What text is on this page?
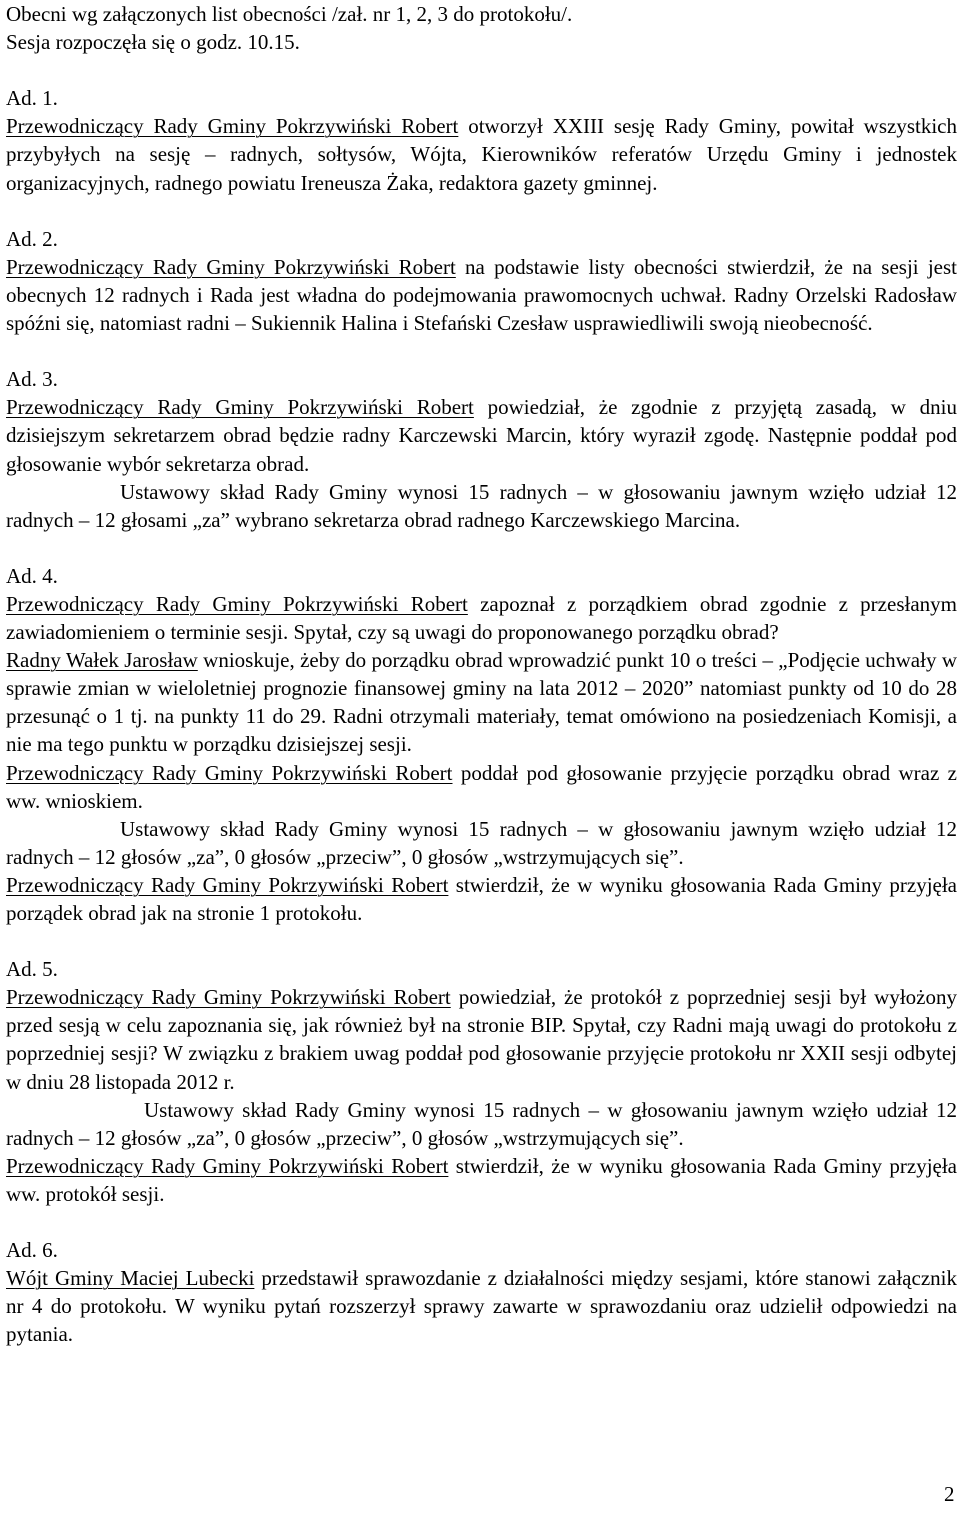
Obecni wg załączonych list obecności /zał. nr 1, 2, 3 do protokołu/.

Sesja rozpoczęła się o godz. 10.15.

Ad. 1.

Przewodniczący Rady Gminy Pokrzywiński Robert otworzył XXIII sesję Rady Gminy, powitał wszystkich przybyłych na sesję – radnych, sołtysów, Wójta, Kierowników referatów Urzędu Gminy i jednostek organizacyjnych, radnego powiatu Ireneusza Żaka, redaktora gazety gminnej.

Ad. 2.

Przewodniczący Rady Gminy Pokrzywiński Robert na podstawie listy obecności stwierdził, że na sesji jest obecnych 12 radnych i Rada jest władna do podejmowania prawomocnych uchwał. Radny Orzelski Radosław spóźni się, natomiast radni – Sukiennik Halina i Stefański Czesław usprawiedliwili swoją nieobecność.

Ad. 3.

Przewodniczący Rady Gminy Pokrzywiński Robert powiedział, że zgodnie z przyjętą zasadą, w dniu dzisiejszym sekretarzem obrad będzie radny Karczewski Marcin, który wyraził zgodę. Następnie poddał pod głosowanie wybór sekretarza obrad.

Ustawowy skład Rady Gminy wynosi 15 radnych – w głosowaniu jawnym wzięło udział 12 radnych – 12 głosami „za” wybrano sekretarza obrad radnego Karczewskiego Marcina.

Ad. 4.

Przewodniczący Rady Gminy Pokrzywiński Robert zapoznał z porządkiem obrad zgodnie z przesłanym zawiadomieniem o terminie sesji. Spytał, czy są uwagi do proponowanego porządku obrad?

Radny Wałek Jarosław wnioskuje, żeby do porządku obrad wprowadzić punkt 10 o treści – „Podjęcie uchwały w sprawie zmian w wieloletniej prognozie finansowej gminy na lata 2012 – 2020” natomiast punkty od 10 do 28 przesunąć o 1 tj. na punkty 11 do 29. Radni otrzymali materiały, temat omówiono na posiedzeniach Komisji, a nie ma tego punktu w porządku dzisiejszej sesji.

Przewodniczący Rady Gminy Pokrzywiński Robert poddał pod głosowanie przyjęcie porządku obrad wraz z ww. wnioskiem.

Ustawowy skład Rady Gminy wynosi 15 radnych – w głosowaniu jawnym wzięło udział 12 radnych – 12 głosów „za”, 0 głosów „przeciw”, 0 głosów „wstrzymujących się”.

Przewodniczący Rady Gminy Pokrzywiński Robert stwierdził, że w wyniku głosowania Rada Gminy przyjęła porządek obrad jak na stronie 1 protokołu.

Ad. 5.

Przewodniczący Rady Gminy Pokrzywiński Robert powiedział, że protokół z poprzedniej sesji był wyłożony przed sesją w celu zapoznania się, jak również był na stronie BIP. Spytał, czy Radni mają uwagi do protokołu z poprzedniej sesji? W związku z brakiem uwag poddał pod głosowanie przyjęcie protokołu nr XXII sesji odbytej w dniu 28 listopada 2012 r.

Ustawowy skład Rady Gminy wynosi 15 radnych – w głosowaniu jawnym wzięło udział 12 radnych – 12 głosów „za”, 0 głosów „przeciw”, 0 głosów „wstrzymujących się”.

Przewodniczący Rady Gminy Pokrzywiński Robert stwierdził, że w wyniku głosowania Rada Gminy przyjęła ww. protokół sesji.

Ad. 6.

Wójt Gminy Maciej Lubecki przedstawił sprawozdanie z działalności między sesjami, które stanowi załącznik nr 4 do protokołu. W wyniku pytań rozszerzył sprawy zawarte w sprawozdaniu oraz udzielił odpowiedzi na pytania.

2
